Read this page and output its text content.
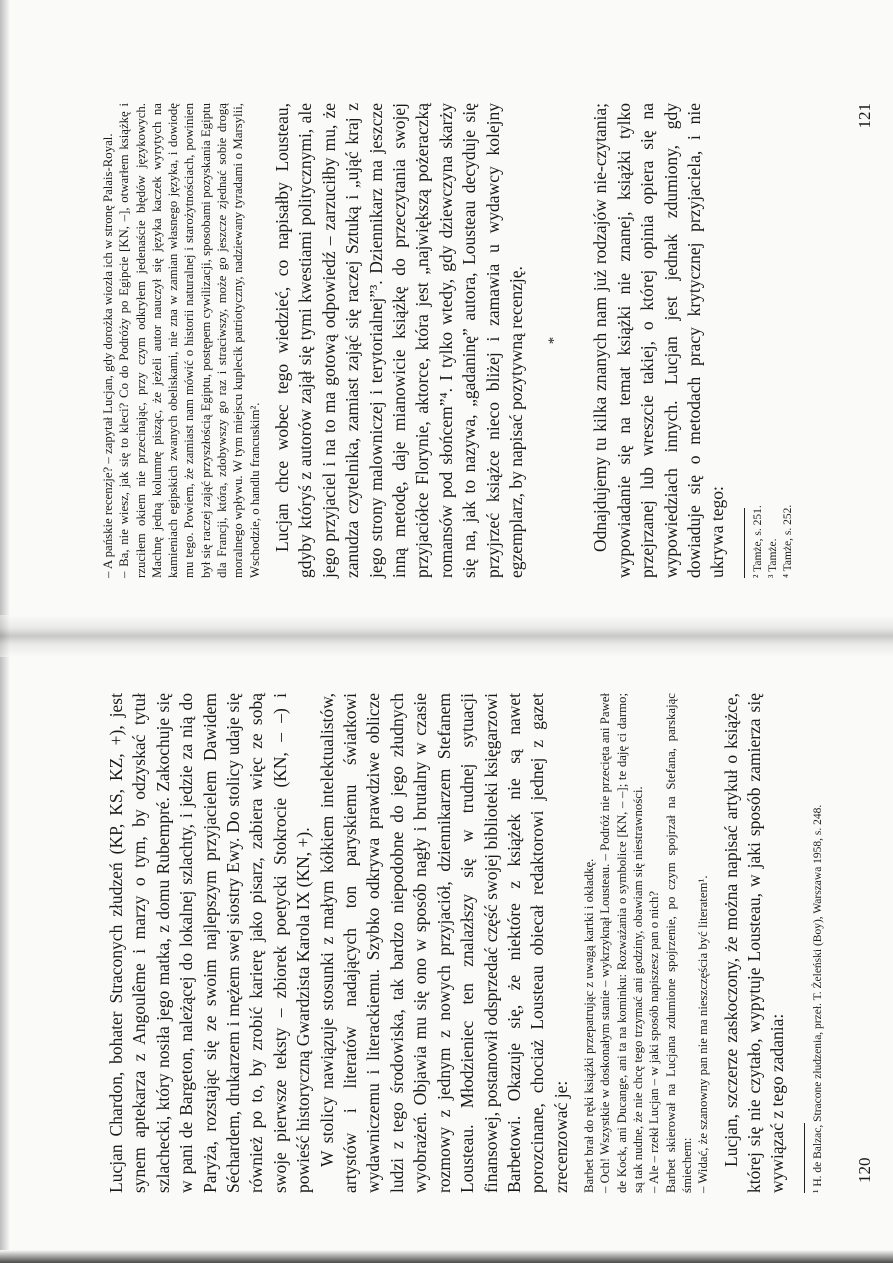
Lucjan Chardon, bohater Straconych złudzeń (KP, KS, KZ, +), jest synem aptekarza z Angoulême i marzy o tym, by odzyskać tytuł szlachecki, który nosiła jego matka, z domu Rubempré. Zakochuje się w pani de Bargeton, należącej do lokalnej szlachty, i jedzie za nią do Paryża, rozstając się ze swoim najlepszym przyjacielem Dawidem Séchardem, drukarzem i mężem swej siostry Ewy. Do stolicy udaje się również po to, by zrobić karierę jako pisarz, zabiera więc ze sobą swoje pierwsze teksty – zbiorek poetycki Stokrocie (KN, – –) i powieść historyczną Gwardzista Karola IX (KN, +). W stolicy nawiązuje stosunki z małym kółkiem intelektualistów, artystów i literatów nadających ton paryskiemu światkowi wydawniczemu i literackiemu. Szybko odkrywa prawdziwe oblicze ludzi z tego środowiska, tak bardzo niepodobne do jego złudnych wyobrażeń. Objawia mu się ono w sposób nagły i brutalny w czasie rozmowy z jednym z nowych przyjaciół, dziennikarzem Stefanem Lousteau. Młodzieniec ten znalazłszy się w trudnej sytuacji finansowej, postanowił odsprzedać część swojej biblioteki księgarzowi Barbetowi. Okazuje się, że niektóre z książek nie są nawet porozcinane, chociaż Lousteau obiecał redaktorowi jednej z gazet zrecenzować je: Barbet brał do ręki książki przepatrując z uwagą kartki i okładkę. – Och! Wszystkie w doskonałym stanie – wykrzyknął Lousteau. – Podróż nie przecięta ani Paweł de Kock, ani Ducange, ani ta na kominku: Rozważania o symbolice [KN, – –]; te daję ci darmo; są tak nudne, że nie chcę tego trzymać ani godziny, obawiam się niestrawności. – Ale – rzekł Lucjan – w jaki sposób napiszesz pan o nich? Barbet skierował na Lucjana zdumione spojrzenie, po czym spojrzał na Stefana, parskając śmiechem: – Widać, że szanowny pan nie ma nieszczęścia być literatem¹. Lucjan, szczerze zaskoczony, że można napisać artykuł o książce, której się nie czytało, wypytuje Lousteau, w jaki sposób zamierza się wywiązać z tego zadania: ¹ H. de Balzac, Stracone złudzenia, przeł. T. Żeleński (Boy), Warszawa 1958, s. 248. 120

– A pańskie recenzje? – zapytał Lucjan, gdy dorożka wiozła ich w stronę Palais-Royal. – Ba, nie wiesz, jak się to kleci? Co do Podróży po Egipcie [KN, –], otwarłem książkę i rzuciłem okiem nie przecinając, przy czym odkryłem jedenaście błędów językowych. Machnę jedną kolumnę pisząc, że jeżeli autor nauczył się języka kaczek wyrytych na kamieniach egipskich zwanych obeliskami, nie zna w zamian własnego języka, i dowiodę mu tego. Powiem, że zamiast nam mówić o historii naturalnej i starożytnościach, powinien był się raczej zająć przyszłością Egiptu, postępem cywilizacji, sposobami pozyskania Egiptu dla Francji, która, zdobywszy go raz i straciwszy, może go jeszcze zjednać sobie drogą moralnego wpływu. W tym miejscu kuplecik patriotyczny, nadziewany tyradami o Marsylii, Wschodzie, o handlu francuskim². Lucjan chce wobec tego wiedzieć, co napisałby Lousteau, gdyby któryś z autorów zajął się tymi kwestiami politycznymi, ale jego przyjaciel i na to ma gotową odpowiedź – zarzuciłby mu, że zanudza czytelnika, zamiast zająć się raczej Sztuką i „ująć kraj z jego strony malowniczej i terytorialnej”³. Dziennikarz ma jeszcze inną metodę, daje mianowicie książkę do przeczytania swojej przyjaciółce Florynie, aktorce, która jest „największą pożeraczką romansów pod słońcem”⁴. I tylko wtedy, gdy dziewczyna skarży się na, jak to nazywa, „gadaninę” autora, Lousteau decyduje się przyjrzeć książce nieco bliżej i zamawia u wydawcy kolejny egzemplarz, by napisać pozytywną recenzję. * Odnajdujemy tu kilka znanych nam już rodzajów nie-czytania; wypowiadanie się na temat książki nie znanej, książki tylko przejrzanej lub wreszcie takiej, o której opinia opiera się na wypowiedziach innych. Lucjan jest jednak zdumiony, gdy dowiaduje się o metodach pracy krytycznej przyjaciela, i nie ukrywa tego: ² Tamże, s. 251. ³ Tamże. ⁴ Tamże, s. 252.

121
